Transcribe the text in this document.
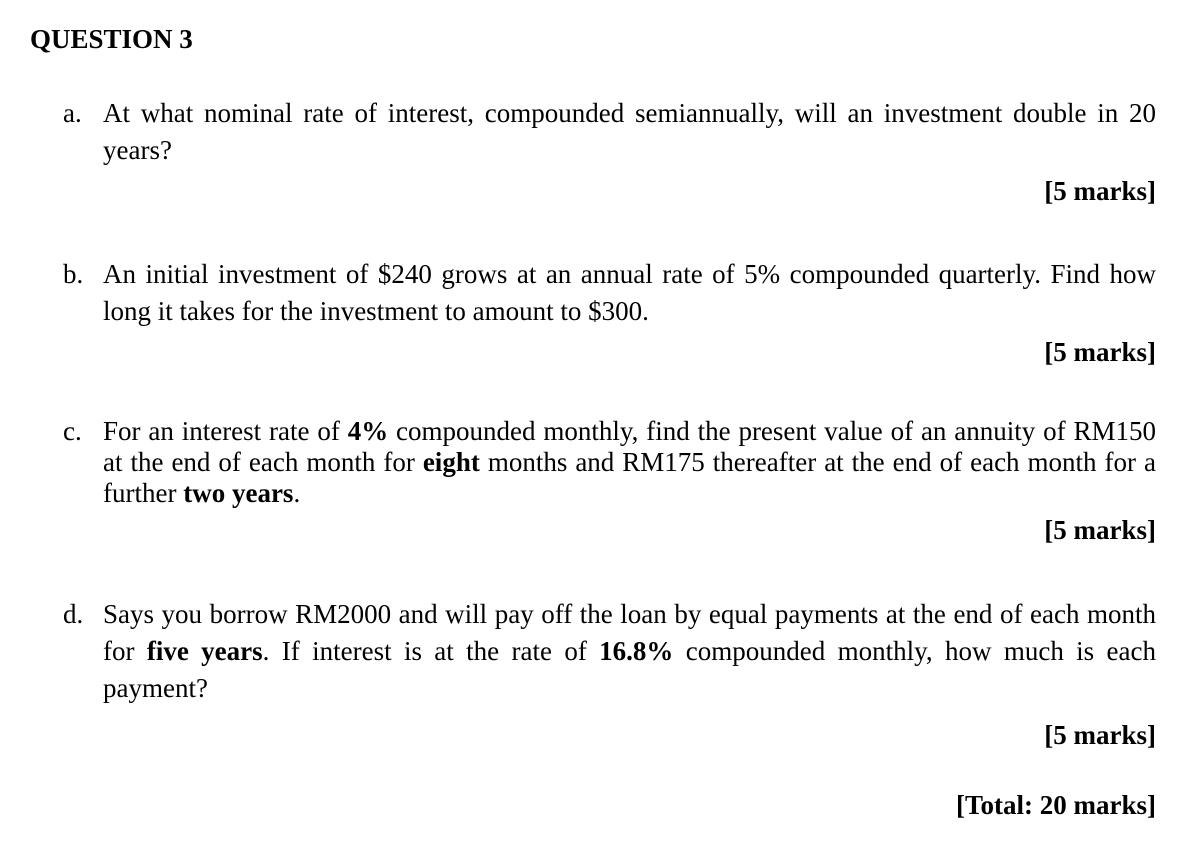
QUESTION 3
a. At what nominal rate of interest, compounded semiannually, will an investment double in 20 years?
[5 marks]
b. An initial investment of $240 grows at an annual rate of 5% compounded quarterly. Find how long it takes for the investment to amount to $300.
[5 marks]
c. For an interest rate of 4% compounded monthly, find the present value of an annuity of RM150 at the end of each month for eight months and RM175 thereafter at the end of each month for a further two years.
[5 marks]
d. Says you borrow RM2000 and will pay off the loan by equal payments at the end of each month for five years. If interest is at the rate of 16.8% compounded monthly, how much is each payment?
[5 marks]
[Total: 20 marks]
